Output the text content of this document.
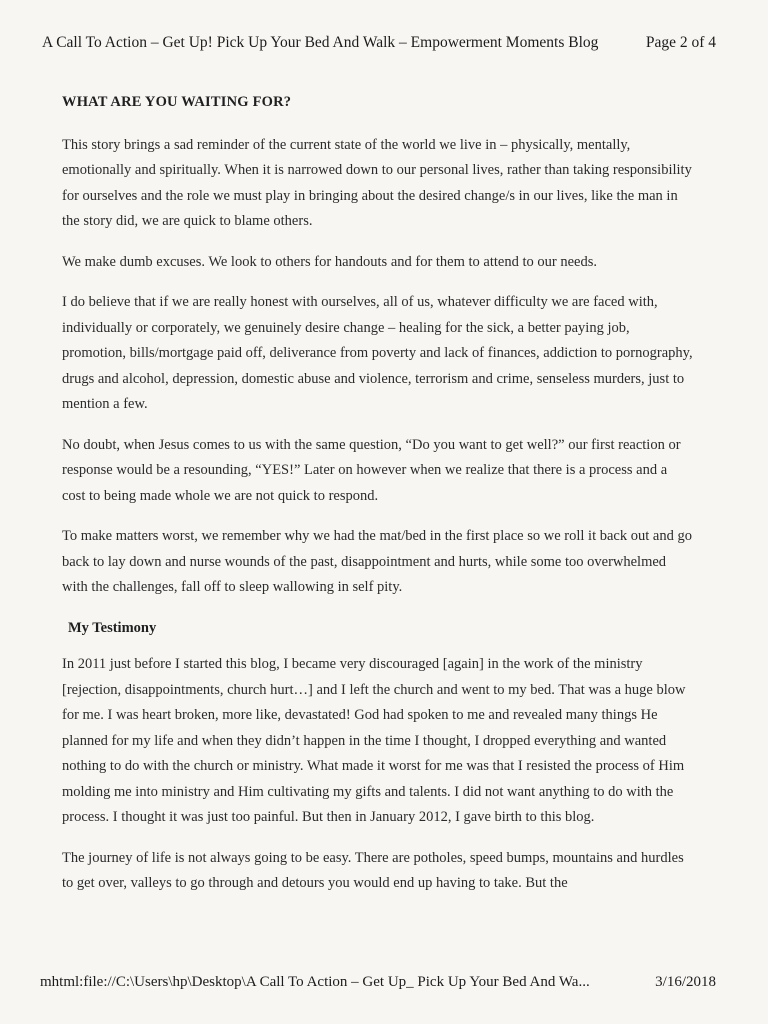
A Call To Action – Get Up! Pick Up Your Bed And Walk – Empowerment Moments Blog	Page 2 of 4
WHAT ARE YOU WAITING FOR?

This story brings a sad reminder of the current state of the world we live in – physically, mentally, emotionally and spiritually. When it is narrowed down to our personal lives, rather than taking responsibility for ourselves and the role we must play in bringing about the desired change/s in our lives, like the man in the story did, we are quick to blame others.

We make dumb excuses. We look to others for handouts and for them to attend to our needs.

I do believe that if we are really honest with ourselves, all of us, whatever difficulty we are faced with, individually or corporately, we genuinely desire change – healing for the sick, a better paying job, promotion, bills/mortgage paid off, deliverance from poverty and lack of finances, addiction to pornography, drugs and alcohol, depression, domestic abuse and violence, terrorism and crime, senseless murders, just to mention a few.

No doubt, when Jesus comes to us with the same question, “Do you want to get well?” our first reaction or response would be a resounding, “YES!” Later on however when we realize that there is a process and a cost to being made whole we are not quick to respond.

To make matters worst, we remember why we had the mat/bed in the first place so we roll it back out and go back to lay down and nurse wounds of the past, disappointment and hurts, while some too overwhelmed with the challenges, fall off to sleep wallowing in self pity.

My Testimony

In 2011 just before I started this blog, I became very discouraged [again] in the work of the ministry [rejection, disappointments, church hurt…] and I left the church and went to my bed. That was a huge blow for me. I was heart broken, more like, devastated! God had spoken to me and revealed many things He planned for my life and when they didn’t happen in the time I thought, I dropped everything and wanted nothing to do with the church or ministry. What made it worst for me was that I resisted the process of Him molding me into ministry and Him cultivating my gifts and talents. I did not want anything to do with the process. I thought it was just too painful. But then in January 2012, I gave birth to this blog.

The journey of life is not always going to be easy. There are potholes, speed bumps, mountains and hurdles to get over, valleys to go through and detours you would end up having to take. But the

mhtml:file://C:\Users\hp\Desktop\A Call To Action – Get Up_ Pick Up Your Bed And Wa...	3/16/2018
